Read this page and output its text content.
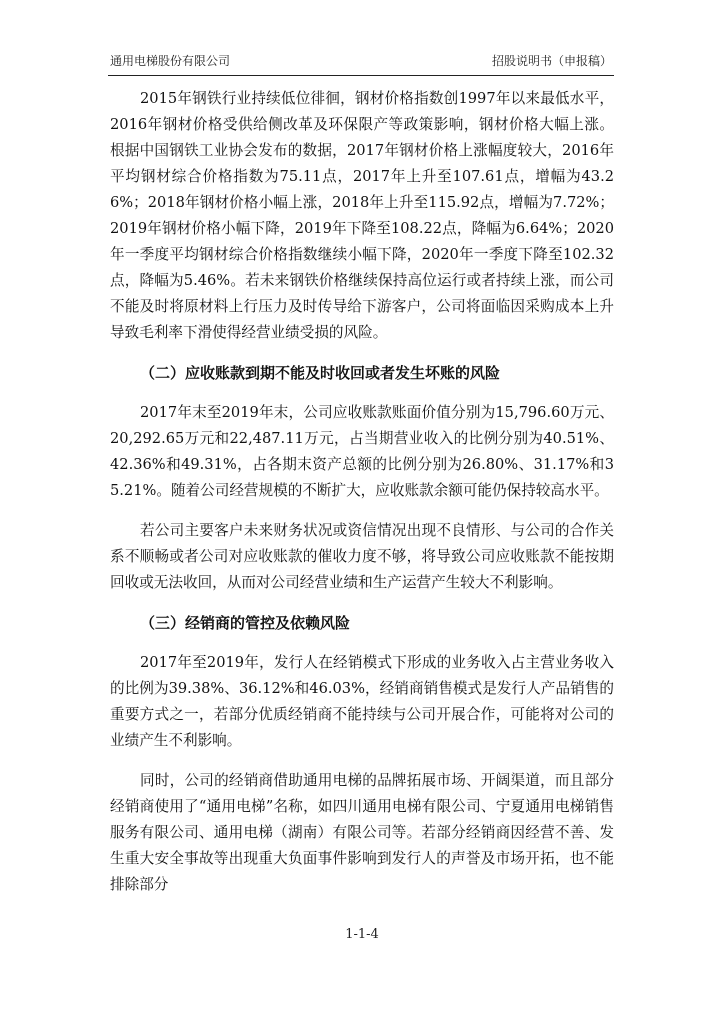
通用电梯股份有限公司	招股说明书（申报稿）

2015年钢铁行业持续低位徘徊，钢材价格指数创1997年以来最低水平，2016年钢材价格受供给侧改革及环保限产等政策影响，钢材价格大幅上涨。根据中国钢铁工业协会发布的数据，2017年钢材价格上涨幅度较大，2016年平均钢材综合价格指数为75.11点，2017年上升至107.61点，增幅为43.26%；2018年钢材价格小幅上涨，2018年上升至115.92点，增幅为7.72%；2019年钢材价格小幅下降，2019年下降至108.22点，降幅为6.64%；2020年一季度平均钢材综合价格指数继续小幅下降，2020年一季度下降至102.32点，降幅为5.46%。若未来钢铁价格继续保持高位运行或者持续上涨，而公司不能及时将原材料上行压力及时传导给下游客户，公司将面临因采购成本上升导致毛利率下滑使得经营业绩受损的风险。

（二）应收账款到期不能及时收回或者发生坏账的风险

2017年末至2019年末，公司应收账款账面价值分别为15,796.60万元、20,292.65万元和22,487.11万元，占当期营业收入的比例分别为40.51%、42.36%和49.31%，占各期末资产总额的比例分别为26.80%、31.17%和35.21%。随着公司经营规模的不断扩大，应收账款余额可能仍保持较高水平。

若公司主要客户未来财务状况或资信情况出现不良情形、与公司的合作关系不顺畅或者公司对应收账款的催收力度不够，将导致公司应收账款不能按期回收或无法收回，从而对公司经营业绩和生产运营产生较大不利影响。

（三）经销商的管控及依赖风险

2017年至2019年，发行人在经销模式下形成的业务收入占主营业务收入的比例为39.38%、36.12%和46.03%，经销商销售模式是发行人产品销售的重要方式之一，若部分优质经销商不能持续与公司开展合作，可能将对公司的业绩产生不利影响。

同时，公司的经销商借助通用电梯的品牌拓展市场、开阔渠道，而且部分经销商使用了“通用电梯”名称，如四川通用电梯有限公司、宁夏通用电梯销售服务有限公司、通用电梯（湖南）有限公司等。若部分经销商因经营不善、发生重大安全事故等出现重大负面事件影响到发行人的声誉及市场开拓，也不能排除部分

1-1-4
